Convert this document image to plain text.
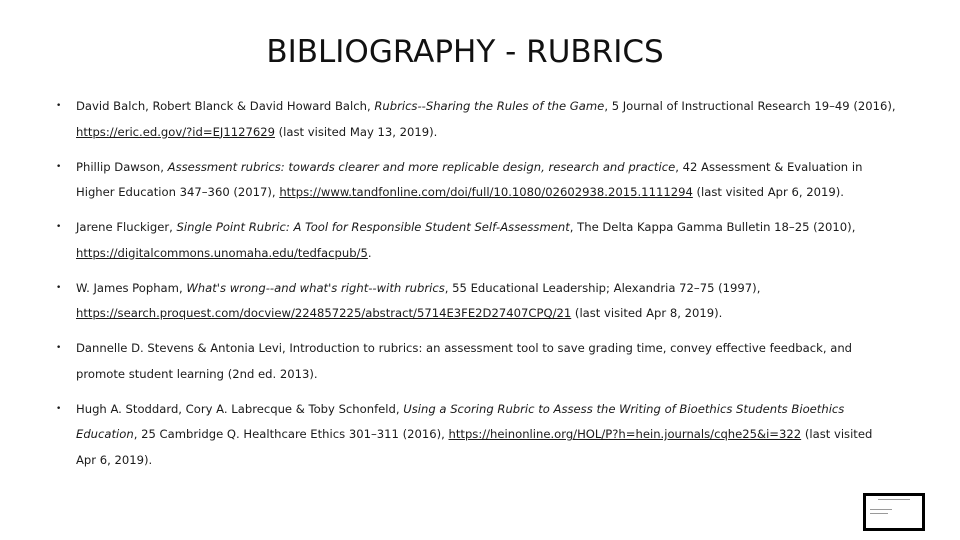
BIBLIOGRAPHY - RUBRICS
• David Balch, Robert Blanck & David Howard Balch, Rubrics--Sharing the Rules of the Game, 5 Journal of Instructional Research 19–49 (2016), https://eric.ed.gov/?id=EJ1127629 (last visited May 13, 2019).
• Phillip Dawson, Assessment rubrics: towards clearer and more replicable design, research and practice, 42 Assessment & Evaluation in Higher Education 347–360 (2017), https://www.tandfonline.com/doi/full/10.1080/02602938.2015.1111294 (last visited Apr 6, 2019).
• Jarene Fluckiger, Single Point Rubric: A Tool for Responsible Student Self-Assessment, The Delta Kappa Gamma Bulletin 18–25 (2010), https://digitalcommons.unomaha.edu/tedfacpub/5.
• W. James Popham, What's wrong--and what's right--with rubrics, 55 Educational Leadership; Alexandria 72–75 (1997), https://search.proquest.com/docview/224857225/abstract/5714E3FE2D27407CPQ/21 (last visited Apr 8, 2019).
• Dannelle D. Stevens & Antonia Levi, Introduction to rubrics: an assessment tool to save grading time, convey effective feedback, and promote student learning (2nd ed. 2013).
• Hugh A. Stoddard, Cory A. Labrecque & Toby Schonfeld, Using a Scoring Rubric to Assess the Writing of Bioethics Students Bioethics Education, 25 Cambridge Q. Healthcare Ethics 301–311 (2016), https://heinonline.org/HOL/P?h=hein.journals/cqhe25&i=322 (last visited Apr 6, 2019).
